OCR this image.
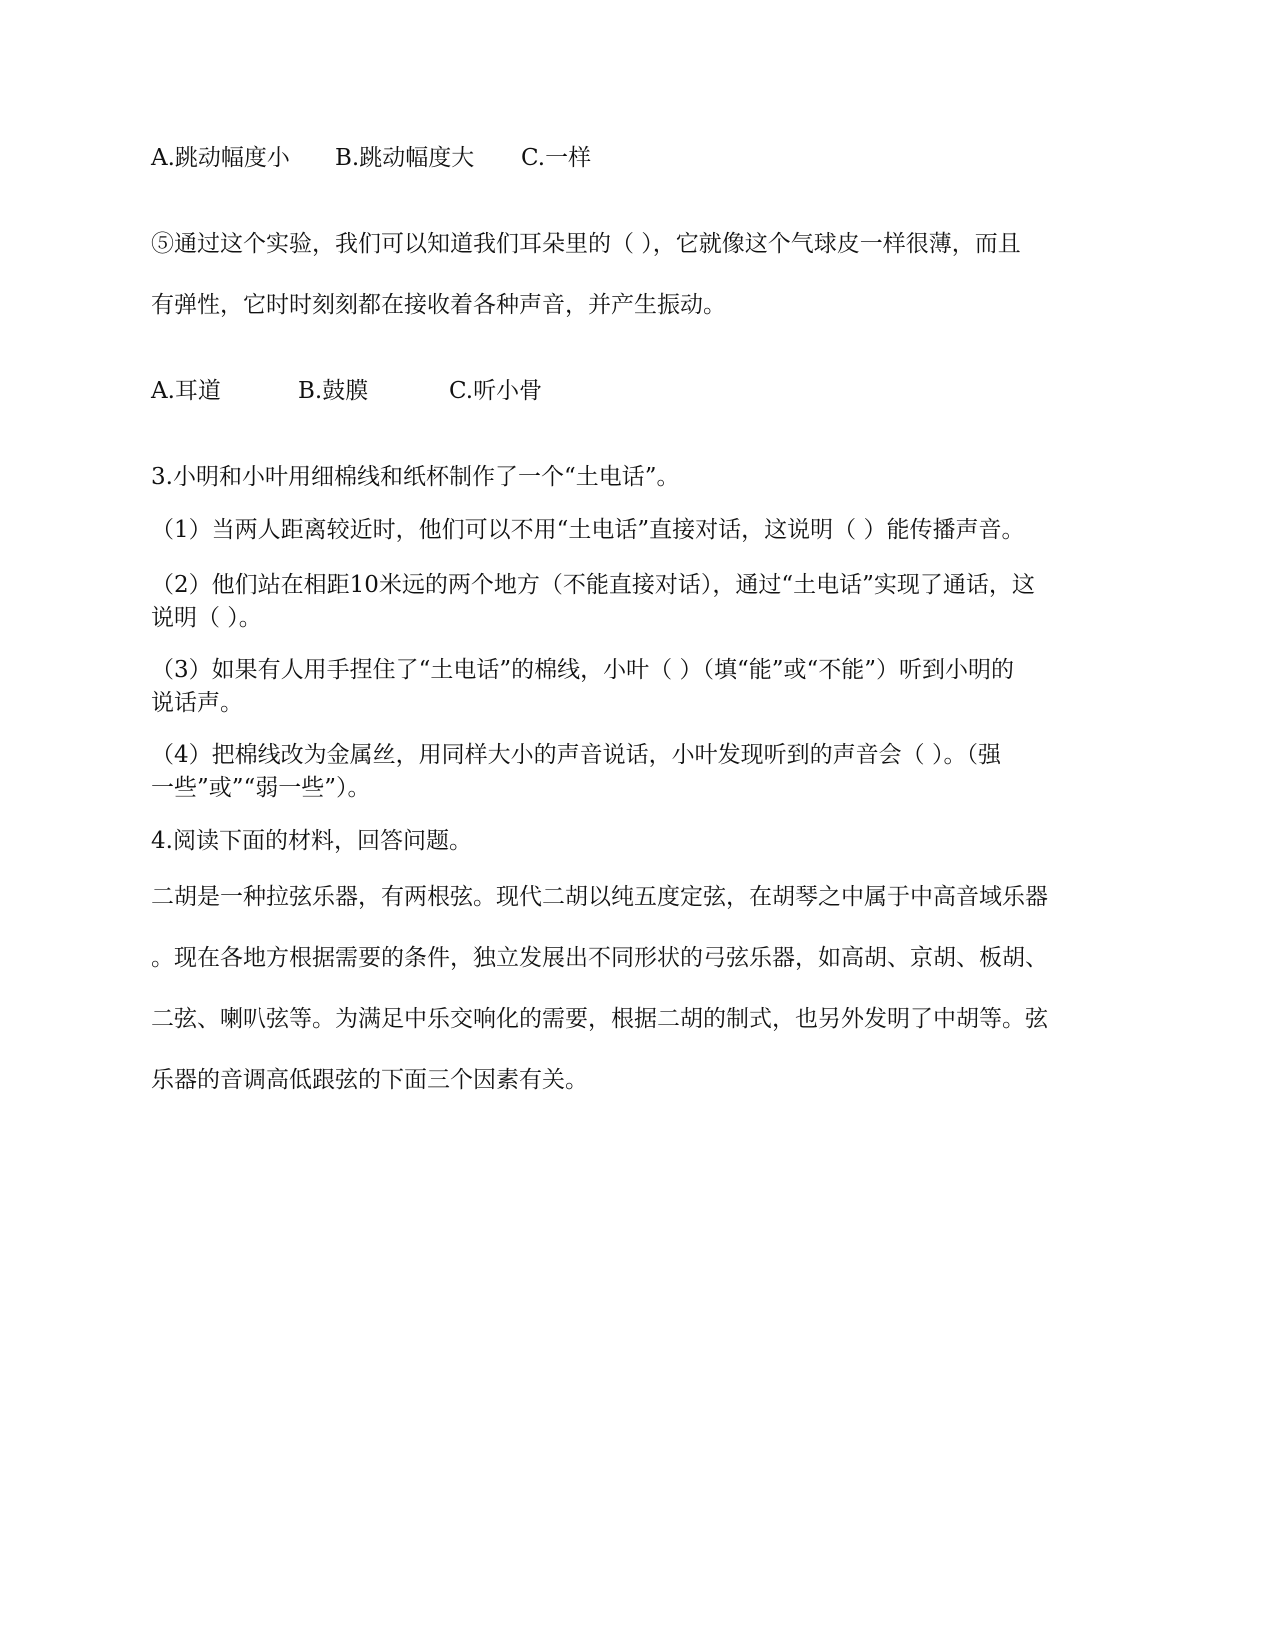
A.跳动幅度小 B.跳动幅度大 C.一样
⑤通过这个实验，我们可以知道我们耳朵里的（ ），它就像这个气球皮一样很薄，而且
有弹性，它时时刻刻都在接收着各种声音，并产生振动。
A.耳道	B.鼓膜	C.听小骨
3.小明和小叶用细棉线和纸杯制作了一个“土电话”。
（1）当两人距离较近时，他们可以不用“土电话”直接对话，这说明（ ）能传播声音。
（2）他们站在相距10米远的两个地方（不能直接对话），通过“土电话”实现了通话，这
说明（ ）。
（3）如果有人用手捏住了“土电话”的棉线，小叶（ ）（填“能”或“不能”）听到小明的
说话声。
（4）把棉线改为金属丝，用同样大小的声音说话，小叶发现听到的声音会（ ）。（强
一些”或”“弱一些”）。
4.阅读下面的材料，回答问题。
二胡是一种拉弦乐器，有两根弦。现代二胡以纯五度定弦，在胡琴之中属于中高音域乐器
。现在各地方根据需要的条件，独立发展出不同形状的弓弦乐器，如高胡、京胡、板胡、
二弦、喇叭弦等。为满足中乐交响化的需要，根据二胡的制式，也另外发明了中胡等。弦
乐器的音调高低跟弦的下面三个因素有关。
